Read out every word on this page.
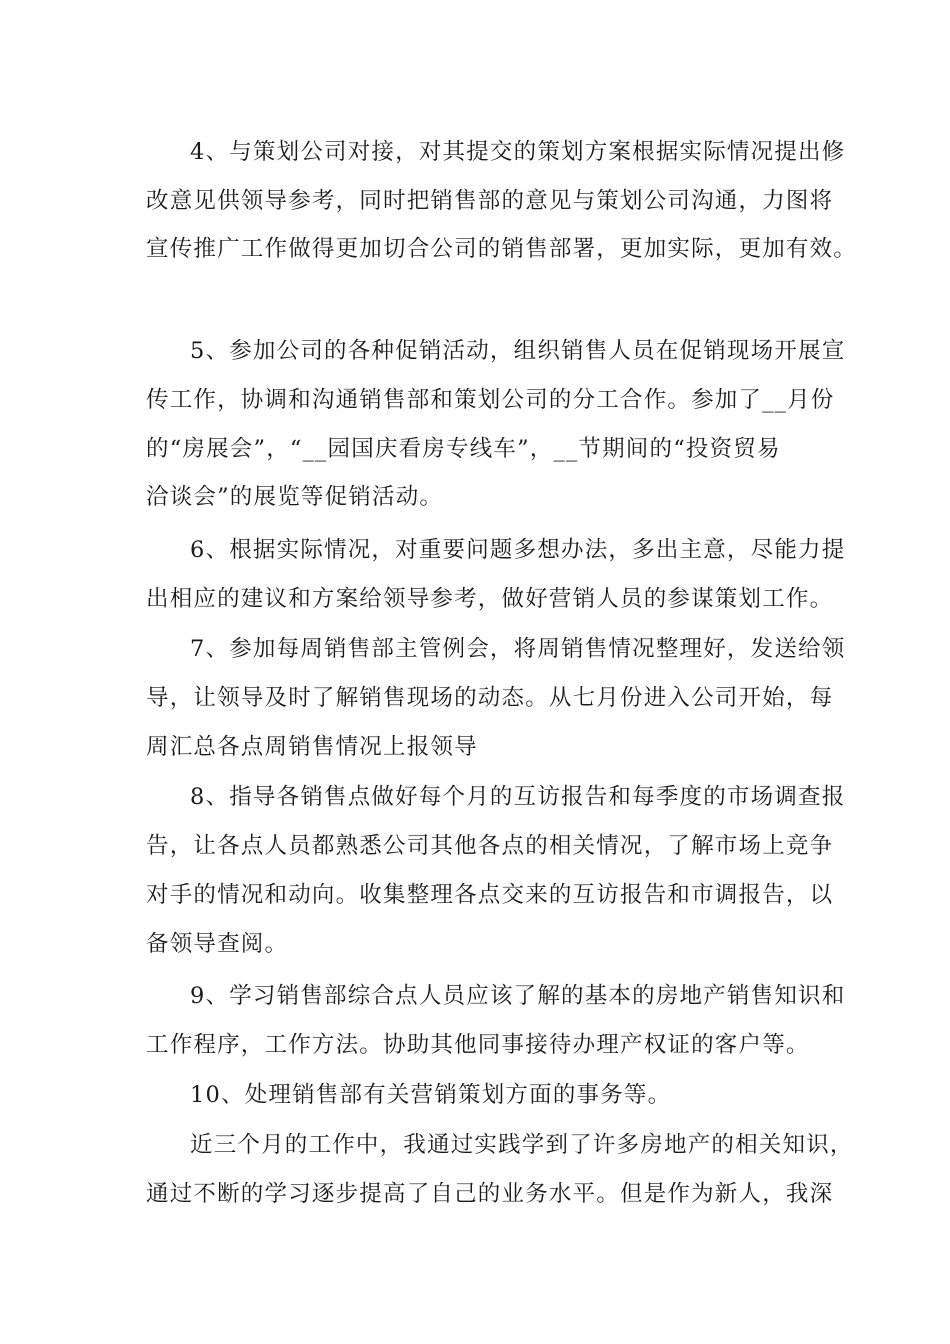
4、与策划公司对接，对其提交的策划方案根据实际情况提出修

改意见供领导参考，同时把销售部的意见与策划公司沟通，力图将

宣传推广工作做得更加切合公司的销售部署，更加实际，更加有效。

5、参加公司的各种促销活动，组织销售人员在促销现场开展宣

传工作，协调和沟通销售部和策划公司的分工合作。参加了__月份

的“房展会”，“__园国庆看房专线车”，__节期间的“投资贸易

洽谈会”的展览等促销活动。

6、根据实际情况，对重要问题多想办法，多出主意，尽能力提

出相应的建议和方案给领导参考，做好营销人员的参谋策划工作。

7、参加每周销售部主管例会，将周销售情况整理好，发送给领

导，让领导及时了解销售现场的动态。从七月份进入公司开始，每

周汇总各点周销售情况上报领导

8、指导各销售点做好每个月的互访报告和每季度的市场调查报

告，让各点人员都熟悉公司其他各点的相关情况，了解市场上竞争

对手的情况和动向。收集整理各点交来的互访报告和市调报告，以

备领导查阅。

9、学习销售部综合点人员应该了解的基本的房地产销售知识和

工作程序，工作方法。协助其他同事接待办理产权证的客户等。

10、处理销售部有关营销策划方面的事务等。

近三个月的工作中，我通过实践学到了许多房地产的相关知识，

通过不断的学习逐步提高了自己的业务水平。但是作为新人，我深
